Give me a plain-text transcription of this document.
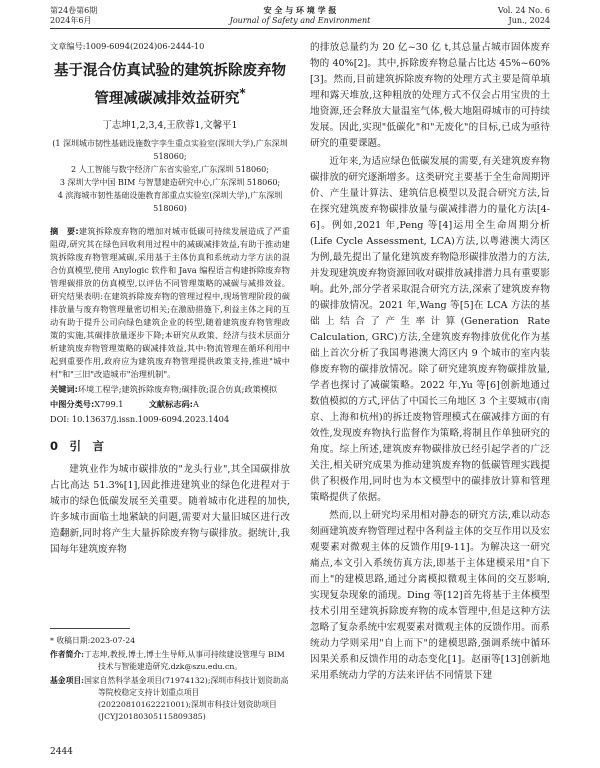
第24卷第6期
2024年6月
安 全 与 环 境 学 报
Journal of Safety and Environment
Vol. 24 No. 6
Jun., 2024
文章编号:1009-6094(2024)06-2444-10
基于混合仿真试验的建筑拆除废弃物管理减碳减排效益研究*
丁志坤1,2,3,4,王欣蓉1,文馨平1
(1 深圳城市韧性基础设施数字孪生重点实验室(深圳大学),广东深圳 518060;
2 人工智能与数字经济广东省实验室,广东深圳 518060;
3 深圳大学中国 BIM 与智慧建造研究中心,广东深圳 518060;
4 滨海城市韧性基础设施教育部重点实验室(深圳大学),广东深圳 518060)
摘　要:建筑拆除废弃物的增加对城市低碳可持续发展造成了严重阻碍,研究其在绿色回收利用过程中的减碳减排效益,有助于推动建筑拆除废弃物管理减碳,采用基于主体仿真和系统动力学方法的混合仿真模型,使用 Anylogic 软件和 Java 编程语言构建拆除废弃物管理碳排放的仿真模型,以评估不同管理策略的减碳与减排效益。研究结果表明:在建筑拆除废弃物的管理过程中,现场管理阶段的碳排放量与废弃物管理量密切相关;在激励措施下,利益主体之间的互动有助于提升公司向绿色建筑企业的转型,随着建筑废弃物管理政策的实施,其碳排放量逐步下降;本研究从政策、经济与技术层面分析建筑废弃物管理策略的碳减排效益,其中:物流管理在循环利用中起到重要作用,政府应为建筑废弃物管理提供政策支持,推进"城中村"和"三旧"改造城市"治理机制"。
关键词:环境工程学;建筑拆除废弃物;碳排放;混合仿真;政策模拟
中图分类号:X799.1	文献标志码:A
DOI: 10.13637/j.issn.1009-6094.2023.1404
0　引　言

建筑业作为城市碳排放的"龙头行业",其全国碳排放占比高达 51.3%[1],因此推进建筑业的绿色化进程对于城市的绿色低碳发展至关重要。随着城市化进程的加快,许多城市面临土地紧缺的问题,需要对大量旧城区进行改造翻新,同时将产生大量拆除废弃物与碳排放。据统计,我国每年建筑废弃物

的排放总量约为 20 亿~30 亿 t,其总量占城市固体废弃物的 40%[2]。其中,拆除废弃物总量占比达 45%~60%[3]。然而,目前建筑拆除废弃物的处理方式主要是简单填埋和露天堆放,这种粗放的处理方式不仅会占用宝贵的土地资源,还会释放大量温室气体,极大地阻碍城市的可持续发展。因此,实现"低碳化"和"无废化"的目标,已成为亟待研究的重要课题。

近年来,为适应绿色低碳发展的需要,有关建筑废弃物碳排放的研究逐渐增多。这类研究主要基于全生命周期评价、产生量计算法、建筑信息模型以及混合研究方法,旨在探究建筑废弃物碳排放量与碳减排潜力的量化方法[4-6]。例如,2021 年,Peng 等[4]运用全生命周期分析(Life Cycle Assessment, LCA)方法,以粤港澳大湾区为例,最先提出了量化建筑废弃物隐形碳排放潜力的方法,并发现建筑废弃物资源回收对碳排放减排潜力具有重要影响。此外,部分学者采取混合研究方法,深索了建筑废弃物的碳排放情况。2021 年,Wang 等[5]在 LCA 方法的基础上结合了产生率计算(Generation Rate Calculation, GRC)方法,全建筑废弃物排放优化作为基础上首次分析了我国粤港澳大湾区内 9 个城市的室内装修废弃物的碳排放情况。除了研究建筑废弃物碳排放量,学者也探讨了减碳策略。2022 年,Yu 等[6]创新地通过数值模拟的方式,评估了中国长三角地区 3 个主要城市(南京、上海和杭州)的拆迁废物管理模式在碳减排方面的有效性,发现废弃物执行监督作为策略,将制且作单独研究的角度。综上所述,建筑废弃物碳排放已经引起学者的广泛关注,相关研究成果为推动建筑废弃物的低碳管理实践提供了积极作用,同时也为本文模型中的碳排放计算和管理策略提供了依据。

然而,以上研究均采用相对静态的研究方法,难以动态刻画建筑废弃物管理过程中各利益主体的交互作用以及宏观要素对微观主体的反馈作用[9-11]。为解决这一研究痛点,本文引入系统仿真方法,即基于主体建模采用"自下而上"的建模思路,通过分离模拟微观主体间的交互影响,实现复杂现象的涌现。Ding 等[12]首先将基于主体模型技术引用至建筑拆除废弃物的成本管理中,但是这种方法忽略了复杂系统中宏观要素对微观主体的反馈作用。而系统动力学则采用"自上而下"的建模思路,强调系统中循环因果关系和反馈作用的动态变化[1]。赵丽等[13]创新地采用系统动力学的方法来评估不同情景下建

* 收稿日期:2023-07-24
作者简介:丁志坤,教授,博士,博士生导师,从事可持续建设管理与 BIM 技术与智能建造研究,dzk@szu.edu.cn。
基金项目:国家自然科学基金项目(71974132);深圳市科技计划资助高等院校稳定支持计划重点项目(20220810162221001);深圳市科技计划资助项目(JCYJ20180305115809385)
2444
